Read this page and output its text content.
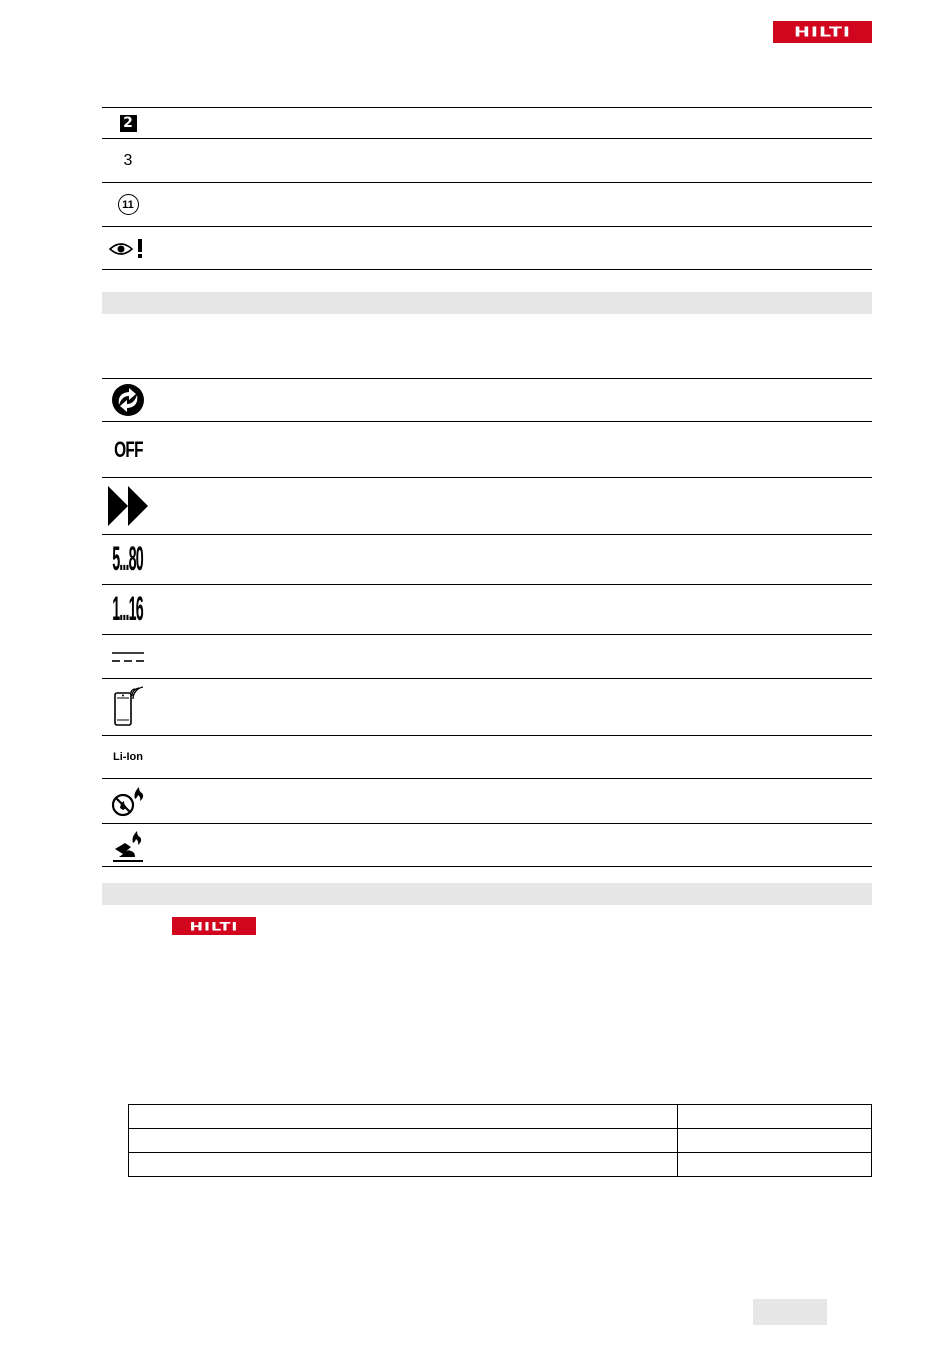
HILTI
2
3
11
OFF
5...80
1...16
Li-Ion
HILTI
